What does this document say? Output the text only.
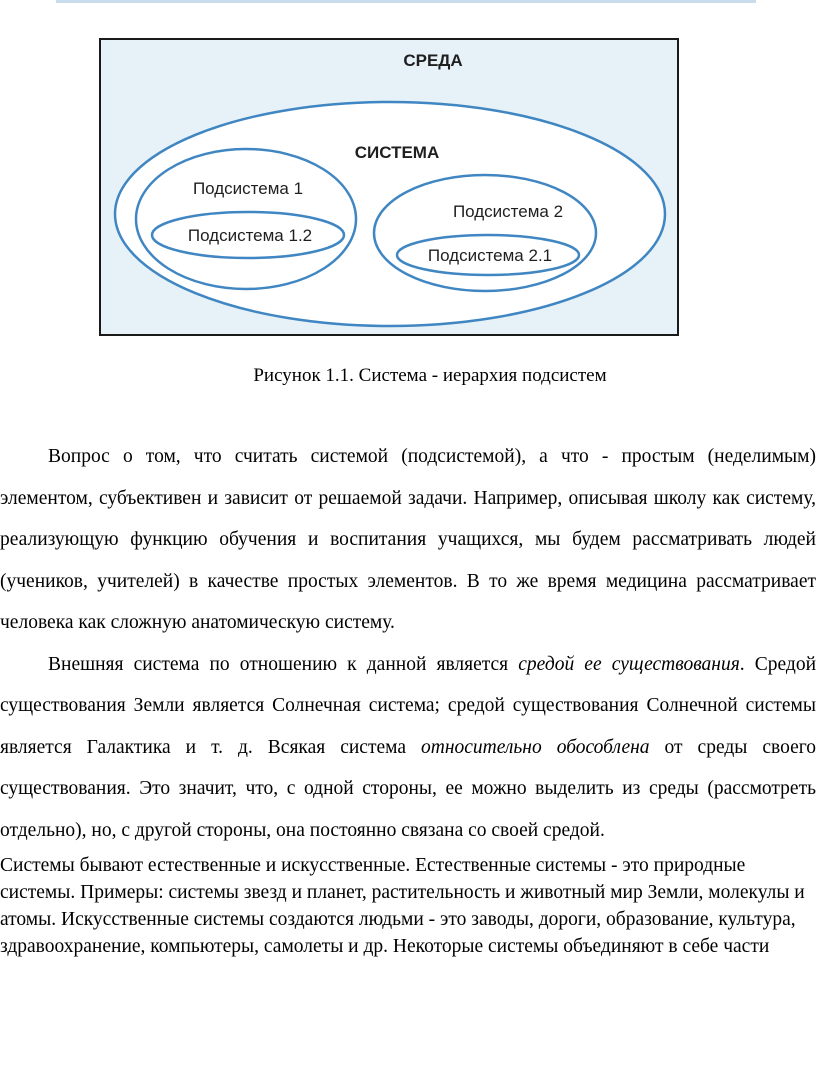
СРЕДА
СИСТЕМА
Подсистема 1
Подсистема 1.2
Подсистема 2
Подсистема 2.1
Рисунок 1.1. Система - иерархия подсистем

Вопрос о том, что считать системой (подсистемой), а что - простым (неделимым) элементом, субъективен и зависит от решаемой задачи. Например, описывая школу как систему, реализующую функцию обучения и воспитания учащихся, мы будем рассматривать людей (учеников, учителей) в качестве простых элементов. В то же время медицина рассматривает человека как сложную анатомическую систему.

Внешняя система по отношению к данной является средой ее существования. Средой существования Земли является Солнечная система; средой существования Солнечной системы является Галактика и т. д. Всякая система относительно обособлена от среды своего существования. Это значит, что, с одной стороны, ее можно выделить из среды (рассмотреть отдельно), но, с другой стороны, она постоянно связана со своей средой.

Системы бывают естественные и искусственные. Естественные системы - это природные системы. Примеры: системы звезд и планет, растительность и животный мир Земли, молекулы и атомы. Искусственные системы создаются людьми - это заводы, дороги, образование, культура, здравоохранение, компьютеры, самолеты и др. Некоторые системы объединяют в себе части
